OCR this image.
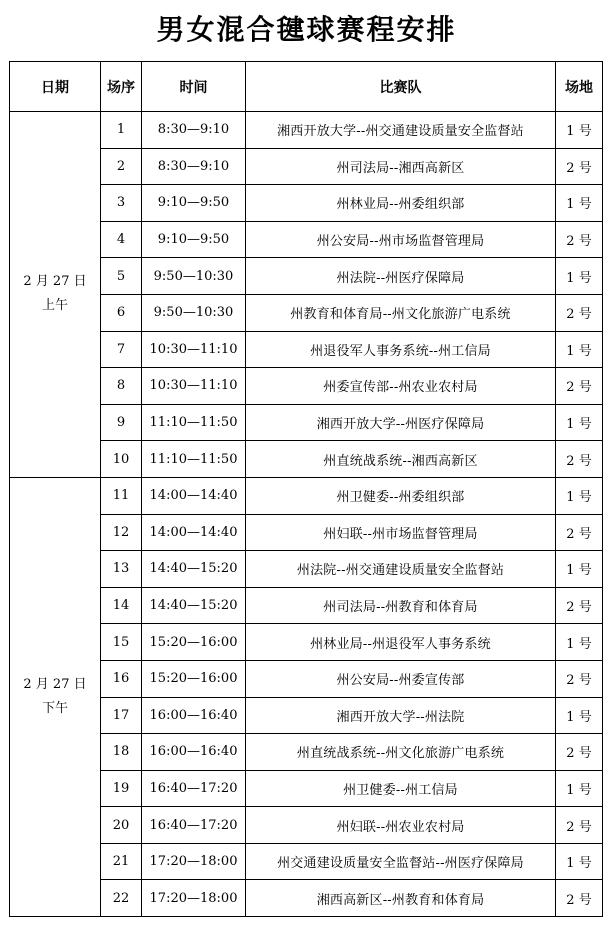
男女混合毽球赛程安排
日期	场序	时间	比赛队	场地

2 月 27 日
上午	1	8:30—9:10	湘西开放大学--州交通建设质量安全监督站	1 号
	2	8:30—9:10	州司法局--湘西高新区	2 号
	3	9:10—9:50	州林业局--州委组织部	1 号
	4	9:10—9:50	州公安局--州市场监督管理局	2 号
	5	9:50—10:30	州法院--州医疗保障局	1 号
	6	9:50—10:30	州教育和体育局--州文化旅游广电系统	2 号
	7	10:30—11:10	州退役军人事务系统--州工信局	1 号
	8	10:30—11:10	州委宣传部--州农业农村局	2 号
	9	11:10—11:50	湘西开放大学--州医疗保障局	1 号
	10	11:10—11:50	州直统战系统--湘西高新区	2 号

2 月 27 日
下午	11	14:00—14:40	州卫健委--州委组织部	1 号
	12	14:00—14:40	州妇联--州市场监督管理局	2 号
	13	14:40—15:20	州法院--州交通建设质量安全监督站	1 号
	14	14:40—15:20	州司法局--州教育和体育局	2 号
	15	15:20—16:00	州林业局--州退役军人事务系统	1 号
	16	15:20—16:00	州公安局--州委宣传部	2 号
	17	16:00—16:40	湘西开放大学--州法院	1 号
	18	16:00—16:40	州直统战系统--州文化旅游广电系统	2 号
	19	16:40—17:20	州卫健委--州工信局	1 号
	20	16:40—17:20	州妇联--州农业农村局	2 号
	21	17:20—18:00	州交通建设质量安全监督站--州医疗保障局	1 号
	22	17:20—18:00	湘西高新区--州教育和体育局	2 号
